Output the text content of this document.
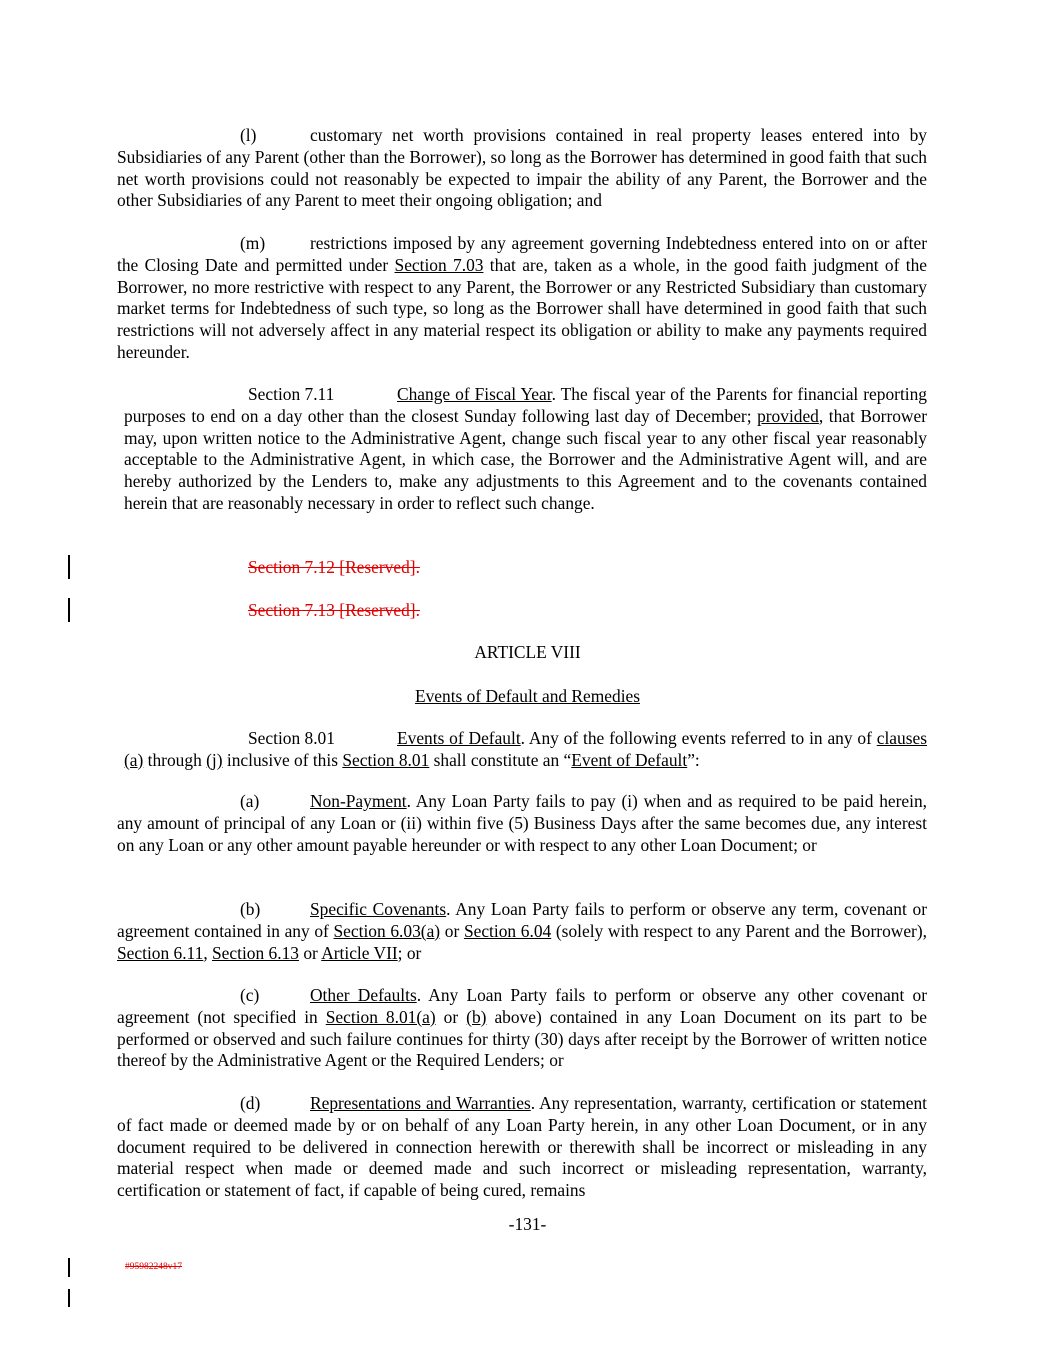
(l)	customary net worth provisions contained in real property leases entered into by Subsidiaries of any Parent (other than the Borrower), so long as the Borrower has determined in good faith that such net worth provisions could not reasonably be expected to impair the ability of any Parent, the Borrower and the other Subsidiaries of any Parent to meet their ongoing obligation; and

(m)	restrictions imposed by any agreement governing Indebtedness entered into on or after the Closing Date and permitted under Section 7.03 that are, taken as a whole, in the good faith judgment of the Borrower, no more restrictive with respect to any Parent, the Borrower or any Restricted Subsidiary than customary market terms for Indebtedness of such type, so long as the Borrower shall have determined in good faith that such restrictions will not adversely affect in any material respect its obligation or ability to make any payments required hereunder.

Section 7.11	Change of Fiscal Year. The fiscal year of the Parents for financial reporting purposes to end on a day other than the closest Sunday following last day of December; provided, that Borrower may, upon written notice to the Administrative Agent, change such fiscal year to any other fiscal year reasonably acceptable to the Administrative Agent, in which case, the Borrower and the Administrative Agent will, and are hereby authorized by the Lenders to, make any adjustments to this Agreement and to the covenants contained herein that are reasonably necessary in order to reflect such change.

Section 7.12 [Reserved].
Section 7.13 [Reserved].
ARTICLE VIII
Events of Default and Remedies

Section 8.01	Events of Default. Any of the following events referred to in any of clauses (a) through (j) inclusive of this Section 8.01 shall constitute an “Event of Default”:

(a)	Non-Payment. Any Loan Party fails to pay (i) when and as required to be paid herein, any amount of principal of any Loan or (ii) within five (5) Business Days after the same becomes due, any interest on any Loan or any other amount payable hereunder or with respect to any other Loan Document; or

(b)	Specific Covenants. Any Loan Party fails to perform or observe any term, covenant or agreement contained in any of Section 6.03(a) or Section 6.04 (solely with respect to any Parent and the Borrower), Section 6.11, Section 6.13 or Article VII; or

(c)	Other Defaults. Any Loan Party fails to perform or observe any other covenant or agreement (not specified in Section 8.01(a) or (b) above) contained in any Loan Document on its part to be performed or observed and such failure continues for thirty (30) days after receipt by the Borrower of written notice thereof by the Administrative Agent or the Required Lenders; or

(d)	Representations and Warranties. Any representation, warranty, certification or statement of fact made or deemed made by or on behalf of any Loan Party herein, in any other Loan Document, or in any document required to be delivered in connection herewith or therewith shall be incorrect or misleading in any material respect when made or deemed made and such incorrect or misleading representation, warranty, certification or statement of fact, if capable of being cured, remains

-131-
#95982248v17
